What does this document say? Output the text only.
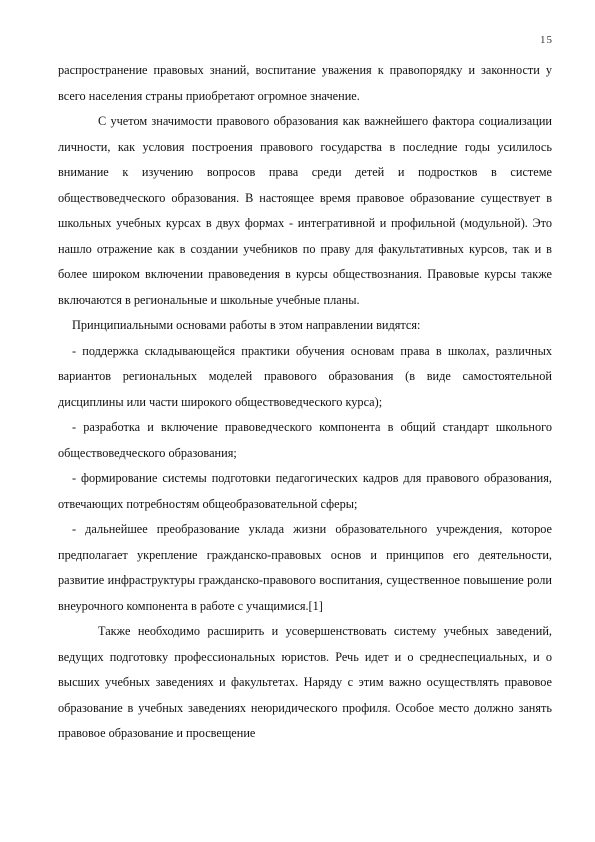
15

распространение правовых знаний, воспитание уважения к правопорядку и законности у всего населения страны приобретают огромное значение.

С учетом значимости правового образования как важнейшего фактора социализации личности, как условия построения правового государства в последние годы усилилось внимание к изучению вопросов права среди детей и подростков в системе обществоведческого образования. В настоящее время правовое образование существует в школьных учебных курсах в двух формах - интегративной и профильной (модульной). Это нашло отражение как в создании учебников по праву для факультативных курсов, так и в более широком включении правоведения в курсы обществознания. Правовые курсы также включаются в региональные и школьные учебные планы.

Принципиальными основами работы в этом направлении видятся:

- поддержка складывающейся практики обучения основам права в школах, различных вариантов региональных моделей правового образования (в виде самостоятельной дисциплины или части широкого обществоведческого курса);

- разработка и включение правоведческого компонента в общий стандарт школьного обществоведческого образования;

- формирование системы подготовки педагогических кадров для правового образования, отвечающих потребностям общеобразовательной сферы;

- дальнейшее преобразование уклада жизни образовательного учреждения, которое предполагает укрепление гражданско-правовых основ и принципов его деятельности, развитие инфраструктуры гражданско-правового воспитания, существенное повышение роли внеурочного компонента в работе с учащимися.[1]

Также необходимо расширить и усовершенствовать систему учебных заведений, ведущих подготовку профессиональных юристов. Речь идет и о среднеспециальных, и о высших учебных заведениях и факультетах. Наряду с этим важно осуществлять правовое образование в учебных заведениях неюридического профиля. Особое место должно занять правовое образование и просвещение
